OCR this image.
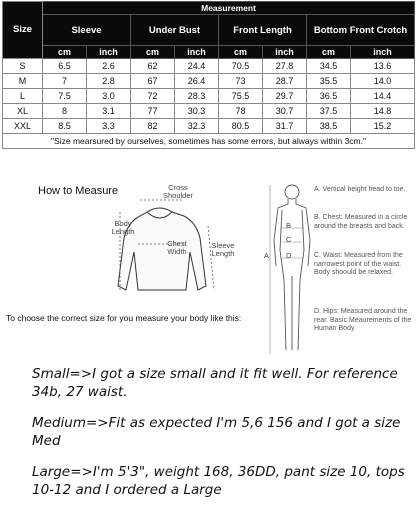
Size	Measurement							
	Sleeve		Under Bust		Front Length		Bottom Front Crotch	
	cm	inch	cm	inch	cm	inch	cm	inch
S	6.5	2.6	62	24.4	70.5	27.8	34.5	13.6
M	7	2.8	67	26.4	73	28.7	35.5	14.0
L	7.5	3.0	72	28.3	75.5	29.7	36.5	14.4
XL	8	3.1	77	30.3	78	30.7	37.5	14.8
XXL	8.5	3.3	82	32.3	80.5	31.7	38.5	15.2
"Size mearsured by ourselves, sometimes has some errors, but always within 3cm."								
How to Measure	Cross Shoulder
Body Length
Chest Width
Sleeve Length
To choose the correct size for you measure your body like this:
A
B
C
D
A. Vertical height head to toe.
B. Chest: Measured in a circle around the breasts and back.
C. Waist: Measured from the narrowest point of the waist. Body shoould be relaxed.
D. Hips: Measured around the rear. Basic Meaurements of the Human Body
Small=>I got a size small and it fit well. For reference 34b, 27 waist.
Medium=>Fit as expected I'm 5,6 156 and I got a size Med
Large=>I'm 5'3", weight 168, 36DD, pant size 10, tops 10-12 and I ordered a Large
